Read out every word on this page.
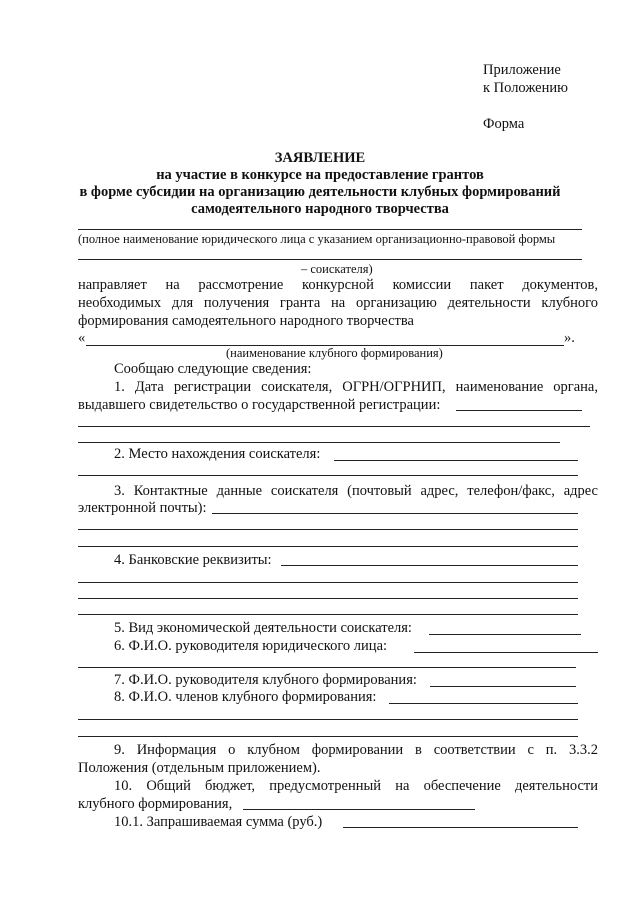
Приложение
к Положению
Форма
ЗАЯВЛЕНИЕ
на участие в конкурсе на предоставление грантов
в форме субсидии на организацию деятельности клубных формирований
самодеятельного народного творчества
(полное наименование юридического лица с указанием организационно-правовой формы
– соискателя)
направляет на рассмотрение конкурсной комиссии пакет документов,
необходимых для получения гранта на организацию деятельности клубного
формирования самодеятельного народного творчества
«	».
(наименование клубного формирования)
Сообщаю следующие сведения:
1. Дата регистрации соискателя, ОГРН/ОГРНИП, наименование органа,
выдавшего свидетельство о государственной регистрации:
2. Место нахождения соискателя:
3. Контактные данные соискателя (почтовый адрес, телефон/факс, адрес
электронной почты):
4. Банковские реквизиты:
5. Вид экономической деятельности соискателя:
6. Ф.И.О. руководителя юридического лица:
7. Ф.И.О. руководителя клубного формирования:
8. Ф.И.О. членов клубного формирования:
9. Информация о клубном формировании в соответствии с п. 3.3.2
Положения (отдельным приложением).
10. Общий бюджет, предусмотренный на обеспечение деятельности
клубного формирования,
10.1. Запрашиваемая сумма (руб.)
